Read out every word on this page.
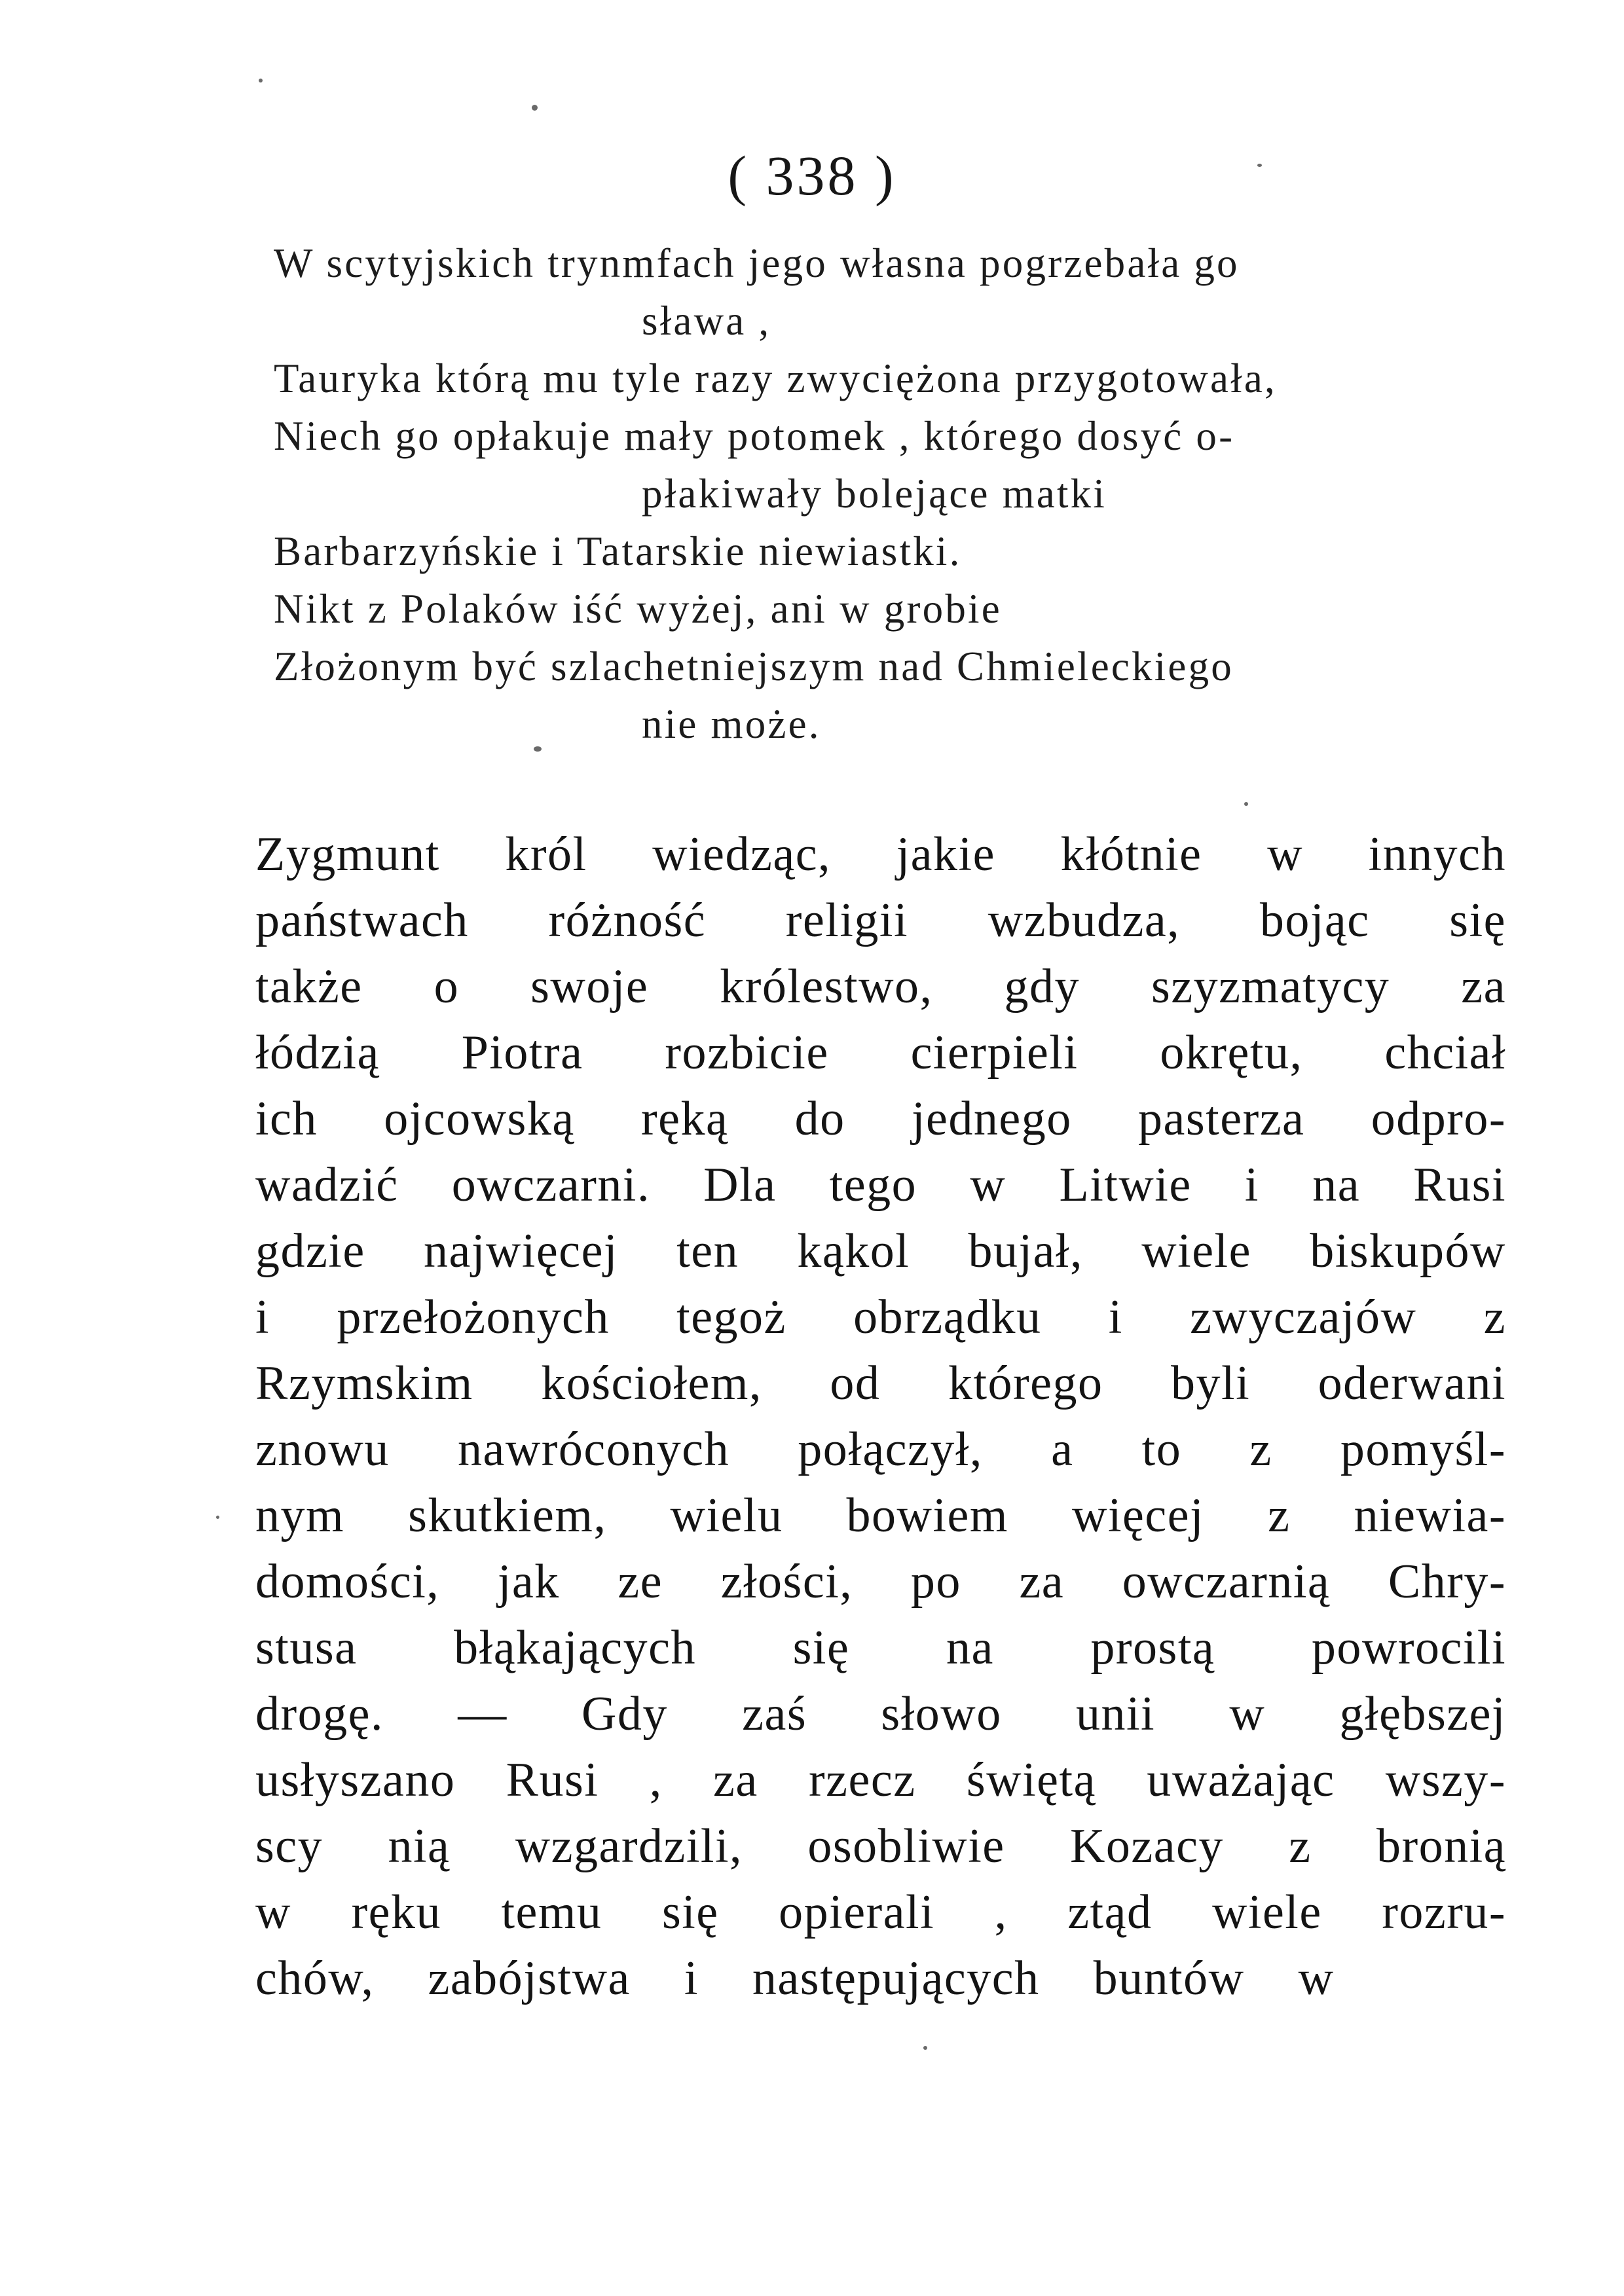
( 338 )
W scytyjskich trynmfach jego własna pogrzebała go
sława ,
Tauryka którą mu tyle razy zwyciężona przygotowała,
Niech go opłakuje mały potomek , którego dosyć o-
płakiwały bolejące matki
Barbarzyńskie i Tatarskie niewiastki.
Nikt z Polaków iść wyżej, ani w grobie
Złożonym być szlachetniejszym nad Chmieleckiego
nie może.
Zygmunt król wiedząc, jakie kłótnie w innych
państwach różność religii wzbudza, bojąc się
także o swoje królestwo, gdy szyzmatycy za
łódzią Piotra rozbicie cierpieli okrętu, chciał
ich ojcowską ręką do jednego pasterza odpro-
wadzić owczarni. Dla tego w Litwie i na Rusi
gdzie najwięcej ten kąkol bujał, wiele biskupów
i przełożonych tegoż obrządku i zwyczajów z
Rzymskim kościołem, od którego byli oderwani
znowu nawróconych połączył, a to z pomyśl-
nym skutkiem, wielu bowiem więcej z niewia-
domości, jak ze złości, po za owczarnią Chry-
stusa błąkających się na prostą powrocili
drogę. — Gdy zaś słowo unii w głębszej
usłyszano Rusi , za rzecz świętą uważając wszy-
scy nią wzgardzili, osobliwie Kozacy z bronią
w ręku temu się opierali , ztąd wiele rozru-
chów, zabójstwa i następujących buntów w
